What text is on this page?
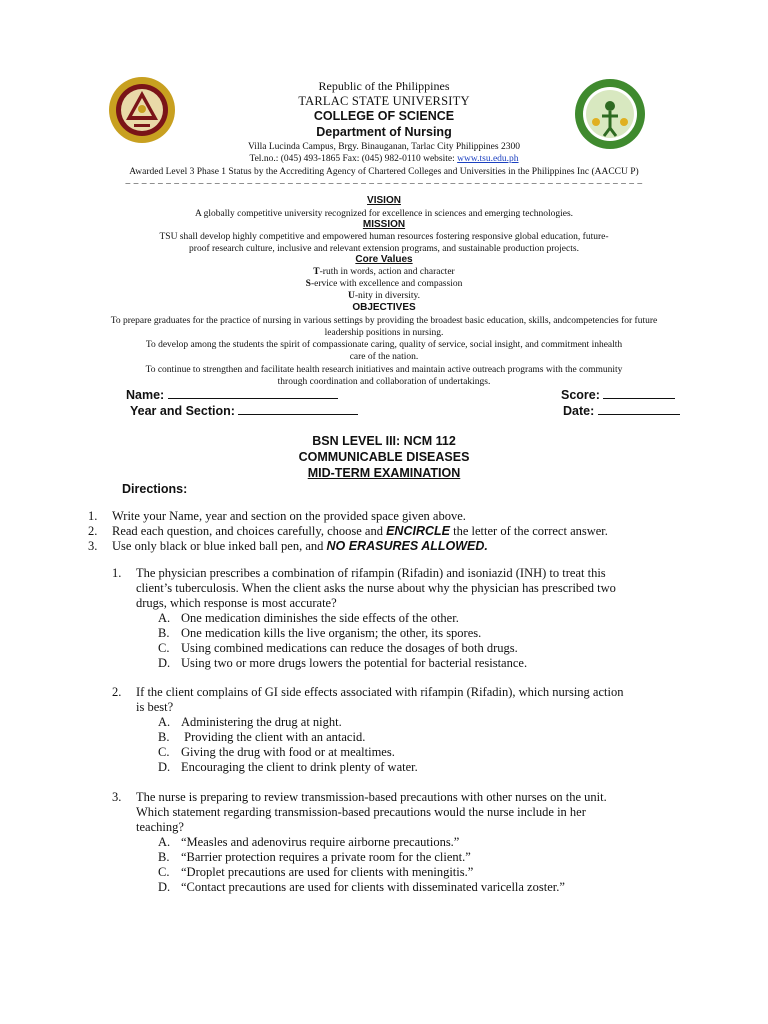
Republic of the Philippines
TARLAC STATE UNIVERSITY
COLLEGE OF SCIENCE
Department of Nursing
Villa Lucinda Campus, Brgy. Binauganan, Tarlac City Philippines 2300
Tel.no.: (045) 493-1865 Fax: (045) 982-0110 website: www.tsu.edu.ph
Awarded Level 3 Phase 1 Status by the Accrediting Agency of Chartered Colleges and Universities in the Philippines Inc (AACCU P)
– – – – – – – – – – – – – – – – – – – – – – – – – – – – – – – – – – – – – – – – – – – – – – – – – – – – – – – – – – – – – – – –
VISION
A globally competitive university recognized for excellence in sciences and emerging technologies.
MISSION
TSU shall develop highly competitive and empowered human resources fostering responsive global education, future-
proof research culture, inclusive and relevant extension programs, and sustainable production projects.
Core Values
T-ruth in words, action and character
S-ervice with excellence and compassion
U-nity in diversity.
OBJECTIVES
To prepare graduates for the practice of nursing in various settings by providing the broadest basic education, skills, andcompetencies for future
leadership positions in nursing.
To develop among the students the spirit of compassionate caring, quality of service, social insight, and commitment inhealth
care of the nation.
To continue to strengthen and facilitate health research initiatives and maintain active outreach programs with the community
through coordination and collaboration of undertakings.
Name:	Score:
Year and Section:	Date:
BSN LEVEL III: NCM 112
COMMUNICABLE DISEASES
MID-TERM EXAMINATION
Directions:
1. Write your Name, year and section on the provided space given above.
2. Read each question, and choices carefully, choose and ENCIRCLE the letter of the correct answer.
3. Use only black or blue inked ball pen, and NO ERASURES ALLOWED.
1. The physician prescribes a combination of rifampin (Rifadin) and isoniazid (INH) to treat this
client’s tuberculosis. When the client asks the nurse about why the physician has prescribed two
drugs, which response is most accurate?
A. One medication diminishes the side effects of the other.
B. One medication kills the live organism; the other, its spores.
C. Using combined medications can reduce the dosages of both drugs.
D. Using two or more drugs lowers the potential for bacterial resistance.
2. If the client complains of GI side effects associated with rifampin (Rifadin), which nursing action
is best?
A. Administering the drug at night.
B. Providing the client with an antacid.
C. Giving the drug with food or at mealtimes.
D. Encouraging the client to drink plenty of water.
3. The nurse is preparing to review transmission-based precautions with other nurses on the unit.
Which statement regarding transmission-based precautions would the nurse include in her
teaching?
A. “Measles and adenovirus require airborne precautions.”
B. “Barrier protection requires a private room for the client.”
C. “Droplet precautions are used for clients with meningitis.”
D. “Contact precautions are used for clients with disseminated varicella zoster.”
